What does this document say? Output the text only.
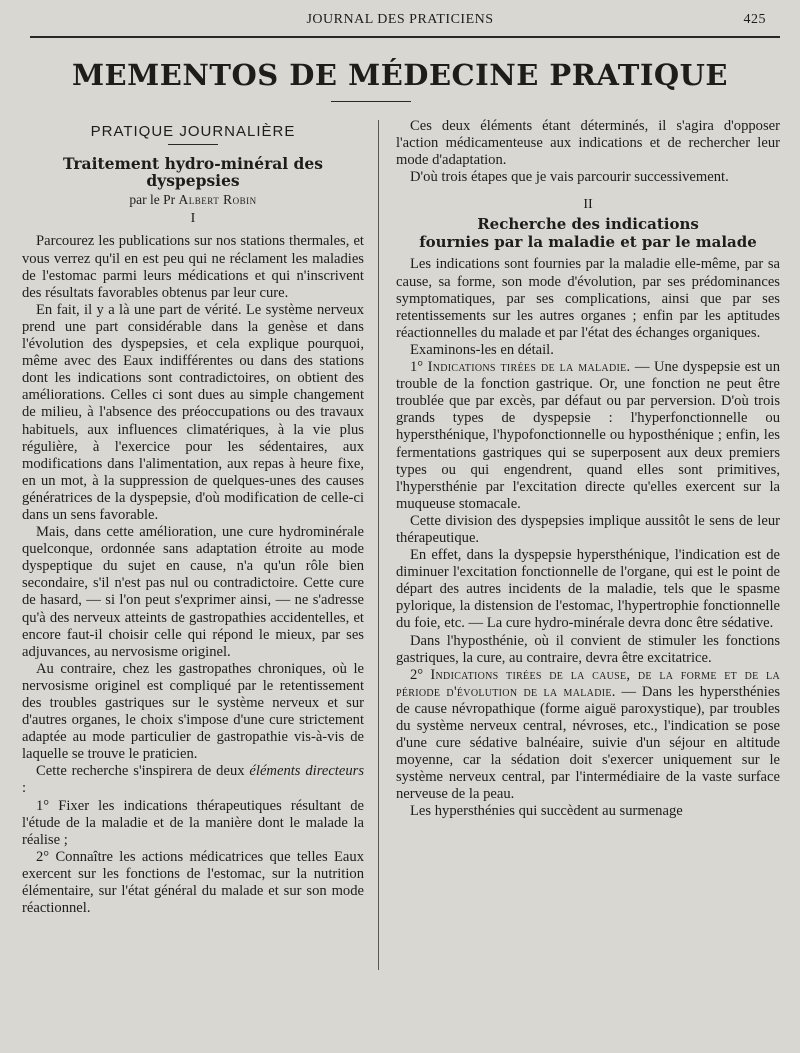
JOURNAL DES PRATICIENS	425
MEMENTOS DE MÉDECINE PRATIQUE
PRATIQUE JOURNALIÈRE
Traitement hydro-minéral des dyspepsies
par le Pr Albert Robin
I

Parcourez les publications sur nos stations thermales, et vous verrez qu'il en est peu qui ne réclament les maladies de l'estomac parmi leurs médications et qui n'inscrivent des résultats favorables obtenus par leur cure.

En fait, il y a là une part de vérité. Le système nerveux prend une part considérable dans la genèse et dans l'évolution des dyspepsies, et cela explique pourquoi, même avec des Eaux indifférentes ou dans des stations dont les indications sont contradictoires, on obtient des améliorations. Celles ci sont dues au simple changement de milieu, à l'absence des préoccupations ou des travaux habituels, aux influences climatériques, à la vie plus régulière, à l'exercice pour les sédentaires, aux modifications dans l'alimentation, aux repas à heure fixe, en un mot, à la suppression de quelques-unes des causes génératrices de la dyspepsie, d'où modification de celle-ci dans un sens favorable.

Mais, dans cette amélioration, une cure hydrominérale quelconque, ordonnée sans adaptation étroite au mode dyspeptique du sujet en cause, n'a qu'un rôle bien secondaire, s'il n'est pas nul ou contradictoire. Cette cure de hasard, — si l'on peut s'exprimer ainsi, — ne s'adresse qu'à des nerveux atteints de gastropathies accidentelles, et encore faut-il choisir celle qui répond le mieux, par ses adjuvances, au nervosisme originel.

Au contraire, chez les gastropathes chroniques, où le nervosisme originel est compliqué par le retentissement des troubles gastriques sur le système nerveux et sur d'autres organes, le choix s'impose d'une cure strictement adaptée au mode particulier de gastropathie vis-à-vis de laquelle se trouve le praticien.

Cette recherche s'inspirera de deux éléments directeurs :

1° Fixer les indications thérapeutiques résultant de l'étude de la maladie et de la manière dont le malade la réalise ;

2° Connaître les actions médicatrices que telles Eaux exercent sur les fonctions de l'estomac, sur la nutrition élémentaire, sur l'état général du malade et sur son mode réactionnel.

Ces deux éléments étant déterminés, il s'agira d'opposer l'action médicamenteuse aux indications et de rechercher leur mode d'adaptation.

D'où trois étapes que je vais parcourir successivement.

II
Recherche des indications
fournies par la maladie et par le malade

Les indications sont fournies par la maladie elle-même, par sa cause, sa forme, son mode d'évolution, par ses prédominances symptomatiques, par ses complications, ainsi que par ses retentissements sur les autres organes ; enfin par les aptitudes réactionnelles du malade et par l'état des échanges organiques.

Examinons-les en détail.

1° Indications tirées de la maladie. — Une dyspepsie est un trouble de la fonction gastrique. Or, une fonction ne peut être troublée que par excès, par défaut ou par perversion. D'où trois grands types de dyspepsie : l'hyperfonctionnelle ou hypersthénique, l'hypofonctionnelle ou hyposthénique ; enfin, les fermentations gastriques qui se superposent aux deux premiers types ou qui engendrent, quand elles sont primitives, l'hypersthénie par l'excitation directe qu'elles exercent sur la muqueuse stomacale.

Cette division des dyspepsies implique aussitôt le sens de leur thérapeutique.

En effet, dans la dyspepsie hypersthénique, l'indication est de diminuer l'excitation fonctionnelle de l'organe, qui est le point de départ des autres incidents de la maladie, tels que le spasme pylorique, la distension de l'estomac, l'hypertrophie fonctionnelle du foie, etc. — La cure hydro-minérale devra donc être sédative.

Dans l'hyposthénie, où il convient de stimuler les fonctions gastriques, la cure, au contraire, devra être excitatrice.

2° Indications tirées de la cause, de la forme et de la période d'évolution de la maladie. — Dans les hypersthénies de cause névropathique (forme aiguë paroxystique), par troubles du système nerveux central, névroses, etc., l'indication se pose d'une cure sédative balnéaire, suivie d'un séjour en altitude moyenne, car la sédation doit s'exercer uniquement sur le système nerveux central, par l'intermédiaire de la vaste surface nerveuse de la peau.

Les hypersthénies qui succèdent au surmenage
